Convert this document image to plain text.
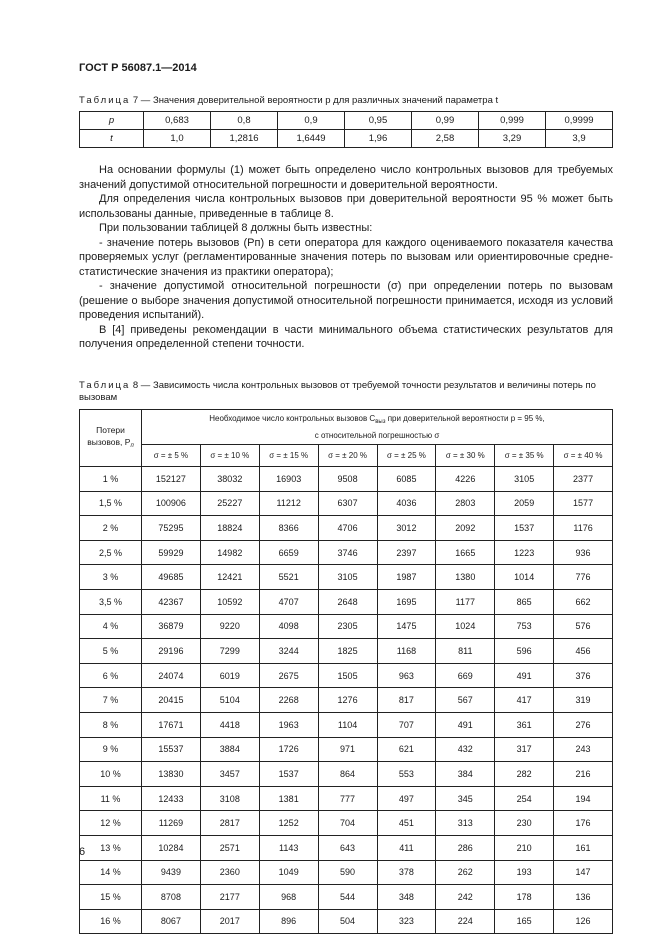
ГОСТ Р 56087.1—2014
Таблица 7 — Значения доверительной вероятности p для различных значений параметра t
p	0,683	0,8	0,9	0,95	0,99	0,999	0,9999
t	1,0	1,2816	1,6449	1,96	2,58	3,29	3,9

На основании формулы (1) может быть определено число контрольных вызовов для требуемых значений допустимой относительной погрешности и доверительной вероятности.

Для определения числа контрольных вызовов при доверительной вероятности 95 % может быть использованы данные, приведенные в таблице 8.

При пользовании таблицей 8 должны быть известны:

- значение потерь вызовов (Pп) в сети оператора для каждого оцениваемого показателя качества проверяемых услуг (регламентированные значения потерь по вызовам или ориентировочные средне-статистические значения из практики оператора);

- значение допустимой относительной погрешности (σ) при определении потерь по вызовам (решение о выборе значения допустимой относительной погрешности принимается, исходя из условий проведения испытаний).

В [4] приведены рекомендации в части минимального объема статистических результатов для получения определенной степени точности.

Таблица 8 — Зависимость числа контрольных вызовов от требуемой точности результатов и величины потерь по вызовам
Потери
вызовов, $P_п$	Необходимое число контрольных вызовов $C_{выз}$ при доверительной вероятности p = 95 %,
с относительной погрешностью σ							
	σ = ± 5 %	σ = ± 10 %	σ = ± 15 %	σ = ± 20 %	σ = ± 25 %	σ = ± 30 %	σ = ± 35 %	σ = ± 40 %
1 %	152127	38032	16903	9508	6085	4226	3105	2377
1,5 %	100906	25227	11212	6307	4036	2803	2059	1577
2 %	75295	18824	8366	4706	3012	2092	1537	1176
2,5 %	59929	14982	6659	3746	2397	1665	1223	936
3 %	49685	12421	5521	3105	1987	1380	1014	776
3,5 %	42367	10592	4707	2648	1695	1177	865	662
4 %	36879	9220	4098	2305	1475	1024	753	576
5 %	29196	7299	3244	1825	1168	811	596	456
6 %	24074	6019	2675	1505	963	669	491	376
7 %	20415	5104	2268	1276	817	567	417	319
8 %	17671	4418	1963	1104	707	491	361	276
9 %	15537	3884	1726	971	621	432	317	243
10 %	13830	3457	1537	864	553	384	282	216
11 %	12433	3108	1381	777	497	345	254	194
12 %	11269	2817	1252	704	451	313	230	176
13 %	10284	2571	1143	643	411	286	210	161
14 %	9439	2360	1049	590	378	262	193	147
15 %	8708	2177	968	544	348	242	178	136
16 %	8067	2017	896	504	323	224	165	126
6
